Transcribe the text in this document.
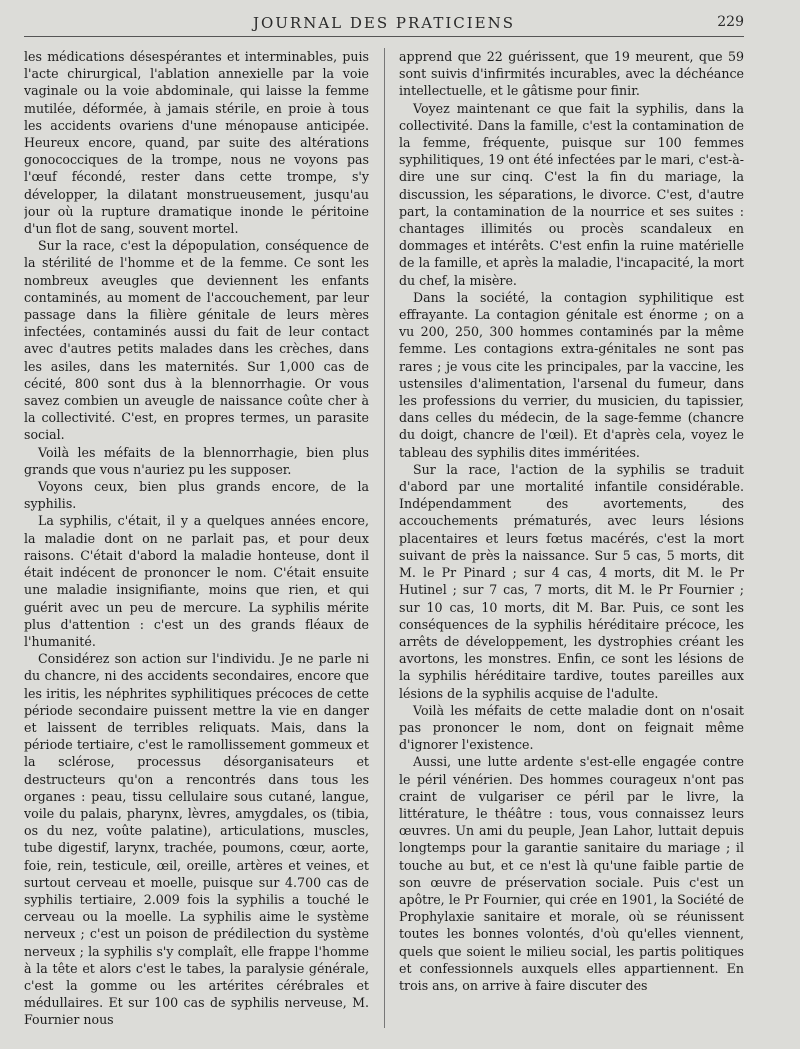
JOURNAL DES PRATICIENS	229

les médications désespérantes et interminables, puis l'acte chirurgical, l'ablation annexielle par la voie vaginale ou la voie abdominale, qui laisse la femme mutilée, déformée, à jamais stérile, en proie à tous les accidents ovariens d'une ménopause anticipée. Heureux encore, quand, par suite des altérations gonococciques de la trompe, nous ne voyons pas l'œuf fécondé, rester dans cette trompe, s'y développer, la dilatant monstrueusement, jusqu'au jour où la rupture dramatique inonde le péritoine d'un flot de sang, souvent mortel.

Sur la race, c'est la dépopulation, conséquence de la stérilité de l'homme et de la femme. Ce sont les nombreux aveugles que deviennent les enfants contaminés, au moment de l'accouchement, par leur passage dans la filière génitale de leurs mères infectées, contaminés aussi du fait de leur contact avec d'autres petits malades dans les crèches, dans les asiles, dans les maternités. Sur 1,000 cas de cécité, 800 sont dus à la blennorrhagie. Or vous savez combien un aveugle de naissance coûte cher à la collectivité. C'est, en propres termes, un parasite social.

Voilà les méfaits de la blennorrhagie, bien plus grands que vous n'auriez pu les supposer.

Voyons ceux, bien plus grands encore, de la syphilis.

La syphilis, c'était, il y a quelques années encore, la maladie dont on ne parlait pas, et pour deux raisons. C'était d'abord la maladie honteuse, dont il était indécent de prononcer le nom. C'était ensuite une maladie insignifiante, moins que rien, et qui guérit avec un peu de mercure. La syphilis mérite plus d'attention : c'est un des grands fléaux de l'humanité.

Considérez son action sur l'individu. Je ne parle ni du chancre, ni des accidents secondaires, encore que les iritis, les néphrites syphilitiques précoces de cette période secondaire puissent mettre la vie en danger et laissent de terribles reliquats. Mais, dans la période tertiaire, c'est le ramollissement gommeux et la sclérose, processus désorganisateurs et destructeurs qu'on a rencontrés dans tous les organes : peau, tissu cellulaire sous cutané, langue, voile du palais, pharynx, lèvres, amygdales, os (tibia, os du nez, voûte palatine), articulations, muscles, tube digestif, larynx, trachée, poumons, cœur, aorte, foie, rein, testicule, œil, oreille, artères et veines, et surtout cerveau et moelle, puisque sur 4.700 cas de syphilis tertiaire, 2.009 fois la syphilis a touché le cerveau ou la moelle. La syphilis aime le système nerveux ; c'est un poison de prédilection du système nerveux ; la syphilis s'y complaît, elle frappe l'homme à la tête et alors c'est le tabes, la paralysie générale, c'est la gomme ou les artérites cérébrales et médullaires. Et sur 100 cas de syphilis nerveuse, M. Fournier nous

apprend que 22 guérissent, que 19 meurent, que 59 sont suivis d'infirmités incurables, avec la déchéance intellectuelle, et le gâtisme pour finir.

Voyez maintenant ce que fait la syphilis, dans la collectivité. Dans la famille, c'est la contamination de la femme, fréquente, puisque sur 100 femmes syphilitiques, 19 ont été infectées par le mari, c'est-à-dire une sur cinq. C'est la fin du mariage, la discussion, les séparations, le divorce. C'est, d'autre part, la contamination de la nourrice et ses suites : chantages illimités ou procès scandaleux en dommages et intérêts. C'est enfin la ruine matérielle de la famille, et après la maladie, l'incapacité, la mort du chef, la misère.

Dans la société, la contagion syphilitique est effrayante. La contagion génitale est énorme ; on a vu 200, 250, 300 hommes contaminés par la même femme. Les contagions extra-génitales ne sont pas rares ; je vous cite les principales, par la vaccine, les ustensiles d'alimentation, l'arsenal du fumeur, dans les professions du verrier, du musicien, du tapissier, dans celles du médecin, de la sage-femme (chancre du doigt, chancre de l'œil). Et d'après cela, voyez le tableau des syphilis dites imméritées.

Sur la race, l'action de la syphilis se traduit d'abord par une mortalité infantile considérable. Indépendamment des avortements, des accouchements prématurés, avec leurs lésions placentaires et leurs fœtus macérés, c'est la mort suivant de près la naissance. Sur 5 cas, 5 morts, dit M. le Pr Pinard ; sur 4 cas, 4 morts, dit M. le Pr Hutinel ; sur 7 cas, 7 morts, dit M. le Pr Fournier ; sur 10 cas, 10 morts, dit M. Bar. Puis, ce sont les conséquences de la syphilis héréditaire précoce, les arrêts de développement, les dystrophies créant les avortons, les monstres. Enfin, ce sont les lésions de la syphilis héréditaire tardive, toutes pareilles aux lésions de la syphilis acquise de l'adulte.

Voilà les méfaits de cette maladie dont on n'osait pas prononcer le nom, dont on feignait même d'ignorer l'existence.

Aussi, une lutte ardente s'est-elle engagée contre le péril vénérien. Des hommes courageux n'ont pas craint de vulgariser ce péril par le livre, la littérature, le théâtre : tous, vous connaissez leurs œuvres. Un ami du peuple, Jean Lahor, luttait depuis longtemps pour la garantie sanitaire du mariage ; il touche au but, et ce n'est là qu'une faible partie de son œuvre de préservation sociale. Puis c'est un apôtre, le Pr Fournier, qui crée en 1901, la Société de Prophylaxie sanitaire et morale, où se réunissent toutes les bonnes volontés, d'où qu'elles viennent, quels que soient le milieu social, les partis politiques et confessionnels auxquels elles appartiennent. En trois ans, on arrive à faire discuter des
